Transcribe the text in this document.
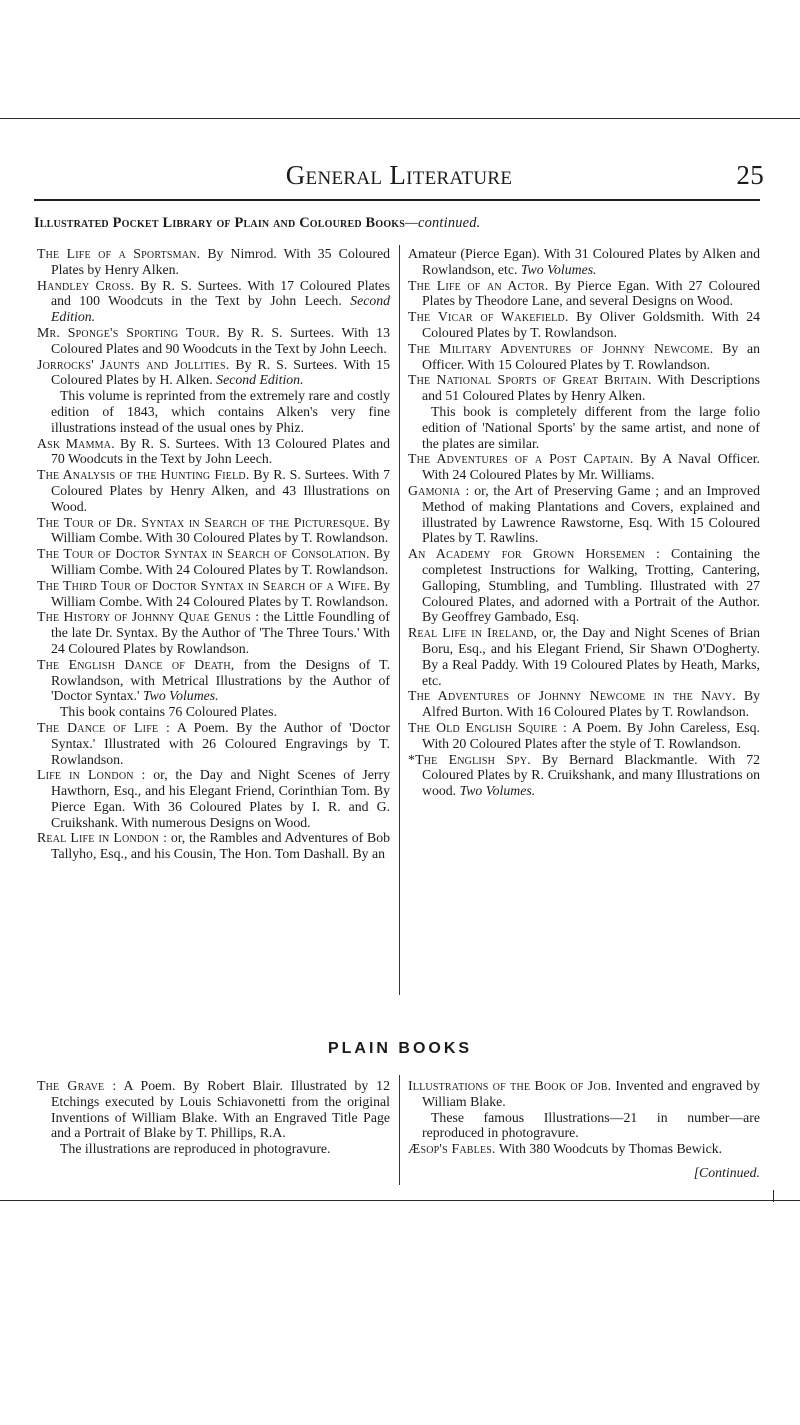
General Literature	25
Illustrated Pocket Library of Plain and Coloured Books—continued.

The Life of a Sportsman. By Nimrod. With 35 Coloured Plates by Henry Alken.

Handley Cross. By R. S. Surtees. With 17 Coloured Plates and 100 Woodcuts in the Text by John Leech. Second Edition.

Mr. Sponge's Sporting Tour. By R. S. Surtees. With 13 Coloured Plates and 90 Woodcuts in the Text by John Leech.

Jorrocks' Jaunts and Jollities. By R. S. Surtees. With 15 Coloured Plates by H. Alken. Second Edition.

This volume is reprinted from the extremely rare and costly edition of 1843, which contains Alken's very fine illustrations instead of the usual ones by Phiz.

Ask Mamma. By R. S. Surtees. With 13 Coloured Plates and 70 Woodcuts in the Text by John Leech.

The Analysis of the Hunting Field. By R. S. Surtees. With 7 Coloured Plates by Henry Alken, and 43 Illustrations on Wood.

The Tour of Dr. Syntax in Search of the Picturesque. By William Combe. With 30 Coloured Plates by T. Rowlandson.

The Tour of Doctor Syntax in Search of Consolation. By William Combe. With 24 Coloured Plates by T. Rowlandson.

The Third Tour of Doctor Syntax in Search of a Wife. By William Combe. With 24 Coloured Plates by T. Rowlandson.

The History of Johnny Quae Genus : the Little Foundling of the late Dr. Syntax. By the Author of 'The Three Tours.' With 24 Coloured Plates by Rowlandson.

The English Dance of Death, from the Designs of T. Rowlandson, with Metrical Illustrations by the Author of 'Doctor Syntax.' Two Volumes.

This book contains 76 Coloured Plates.

The Dance of Life : A Poem. By the Author of 'Doctor Syntax.' Illustrated with 26 Coloured Engravings by T. Rowlandson.

Life in London : or, the Day and Night Scenes of Jerry Hawthorn, Esq., and his Elegant Friend, Corinthian Tom. By Pierce Egan. With 36 Coloured Plates by I. R. and G. Cruikshank. With numerous Designs on Wood.

Real Life in London : or, the Rambles and Adventures of Bob Tallyho, Esq., and his Cousin, The Hon. Tom Dashall. By an

Amateur (Pierce Egan). With 31 Coloured Plates by Alken and Rowlandson, etc. Two Volumes.

The Life of an Actor. By Pierce Egan. With 27 Coloured Plates by Theodore Lane, and several Designs on Wood.

The Vicar of Wakefield. By Oliver Goldsmith. With 24 Coloured Plates by T. Rowlandson.

The Military Adventures of Johnny Newcome. By an Officer. With 15 Coloured Plates by T. Rowlandson.

The National Sports of Great Britain. With Descriptions and 51 Coloured Plates by Henry Alken.

This book is completely different from the large folio edition of 'National Sports' by the same artist, and none of the plates are similar.

The Adventures of a Post Captain. By A Naval Officer. With 24 Coloured Plates by Mr. Williams.

Gamonia : or, the Art of Preserving Game ; and an Improved Method of making Plantations and Covers, explained and illustrated by Lawrence Rawstorne, Esq. With 15 Coloured Plates by T. Rawlins.

An Academy for Grown Horsemen : Containing the completest Instructions for Walking, Trotting, Cantering, Galloping, Stumbling, and Tumbling. Illustrated with 27 Coloured Plates, and adorned with a Portrait of the Author. By Geoffrey Gambado, Esq.

Real Life in Ireland, or, the Day and Night Scenes of Brian Boru, Esq., and his Elegant Friend, Sir Shawn O'Dogherty. By a Real Paddy. With 19 Coloured Plates by Heath, Marks, etc.

The Adventures of Johnny Newcome in the Navy. By Alfred Burton. With 16 Coloured Plates by T. Rowlandson.

The Old English Squire : A Poem. By John Careless, Esq. With 20 Coloured Plates after the style of T. Rowlandson.

*The English Spy. By Bernard Blackmantle. With 72 Coloured Plates by R. Cruikshank, and many Illustrations on wood. Two Volumes.

PLAIN BOOKS

The Grave : A Poem. By Robert Blair. Illustrated by 12 Etchings executed by Louis Schiavonetti from the original Inventions of William Blake. With an Engraved Title Page and a Portrait of Blake by T. Phillips, R.A.

The illustrations are reproduced in photogravure.

Illustrations of the Book of Job. Invented and engraved by William Blake.

These famous Illustrations—21 in number—are reproduced in photogravure.

Æsop's Fables. With 380 Woodcuts by Thomas Bewick.

[Continued.
